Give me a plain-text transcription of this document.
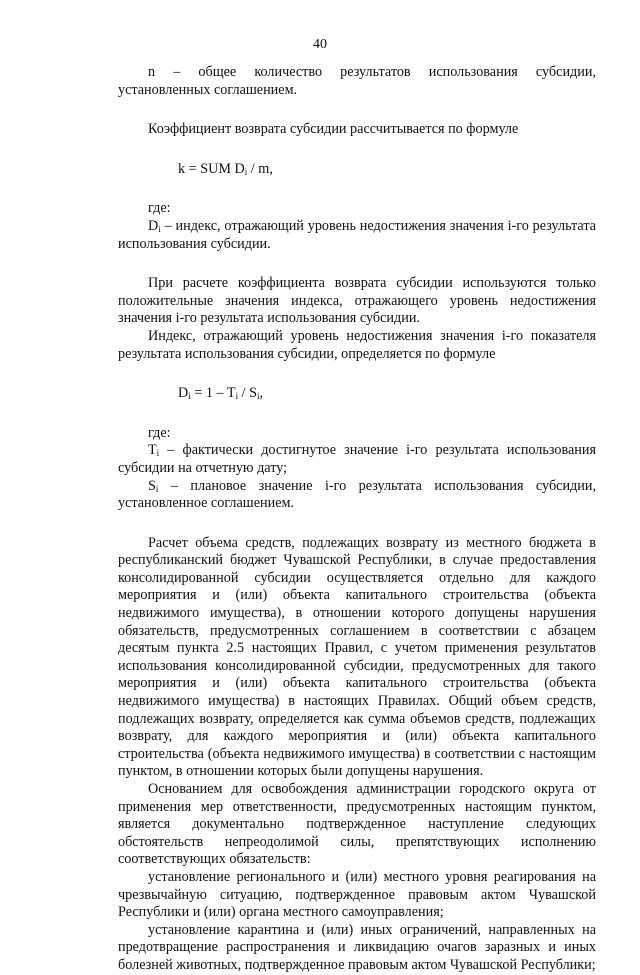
40

n – общее количество результатов использования субсидии, установленных соглашением.

Коэффициент возврата субсидии рассчитывается по формуле

k = SUM $D_i$ / m,

где:

$D_i$ – индекс, отражающий уровень недостижения значения i-го результата использования субсидии.

При расчете коэффициента возврата субсидии используются только положительные значения индекса, отражающего уровень недостижения значения i-го результата использования субсидии.

Индекс, отражающий уровень недостижения значения i-го показателя результата использования субсидии, определяется по формуле

$D_i = 1 - T_i / S_i$,

где:

$T_i$ – фактически достигнутое значение i-го результата использования субсидии на отчетную дату;

$S_i$ – плановое значение i-го результата использования субсидии, установленное соглашением.

Расчет объема средств, подлежащих возврату из местного бюджета в республиканский бюджет Чувашской Республики, в случае предоставления консолидированной субсидии осуществляется отдельно для каждого мероприятия и (или) объекта капитального строительства (объекта недвижимого имущества), в отношении которого допущены нарушения обязательств, предусмотренных соглашением в соответствии с абзацем десятым пункта 2.5 настоящих Правил, с учетом применения результатов использования консолидированной субсидии, предусмотренных для такого мероприятия и (или) объекта капитального строительства (объекта недвижимого имущества) в настоящих Правилах. Общий объем средств, подлежащих возврату, определяется как сумма объемов средств, подлежащих возврату, для каждого мероприятия и (или) объекта капитального строительства (объекта недвижимого имущества) в соответствии с настоящим пунктом, в отношении которых были допущены нарушения.

Основанием для освобождения администрации городского округа от применения мер ответственности, предусмотренных настоящим пунктом, является документально подтвержденное наступление следующих обстоятельств непреодолимой силы, препятствующих исполнению соответствующих обязательств:

установление регионального и (или) местного уровня реагирования на чрезвычайную ситуацию, подтвержденное правовым актом Чувашской Республики и (или) органа местного самоуправления;

установление карантина и (или) иных ограничений, направленных на предотвращение распространения и ликвидацию очагов заразных и иных болезней животных, подтвержденное правовым актом Чувашской Республики;
